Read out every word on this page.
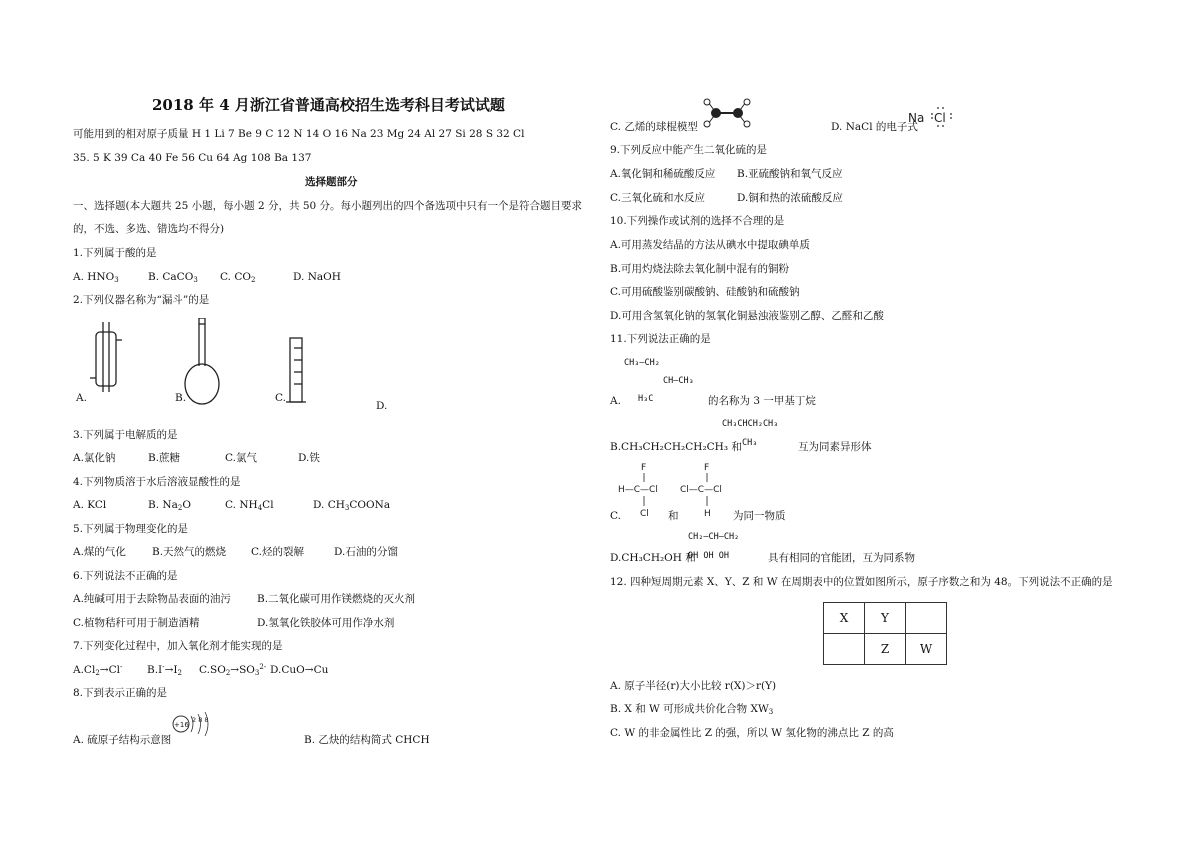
2018 年 4 月浙江省普通高校招生选考科目考试试题
可能用到的相对原子质量 H 1 Li 7 Be 9 C 12 N 14 O 16 Na 23 Mg 24 Al 27 Si 28 S 32 Cl
35. 5 K 39 Ca 40 Fe 56 Cu 64 Ag 108 Ba 137
选择题部分
一、选择题(本大题共 25 小题，每小题 2 分，共 50 分。每小题列出的四个备选项中只有一个是符合题目要求
的，不选、多选、错选均不得分)
1.下列属于酸的是
A. $HNO_3$	B. CaCO$_3$ C. $CO_2$	D. NaOH
2.下列仪器名称为“漏斗”的是
A.	B.	C.
D.
3.下列属于电解质的是
A.氯化钠	B.蔗糖	C.氯气	D.铁
4.下列物质溶于水后溶液显酸性的是
A. KCl	B. $Na_2O$	C. $NH_4Cl$	D. $CH_3COONa$
5.下列属于物理变化的是
A.煤的气化 B.天然气的燃烧 C.烃的裂解	D.石油的分馏
6.下列说法不正确的是
A.纯碱可用于去除物品表面的油污 B.二氧化碳可用作镁燃烧的灭火剂
C.植物秸秆可用于制造酒精	D.氢氧化铁胶体可用作净水剂
7.下列变化过程中，加入氧化剂才能实现的是
$A.Cl_2\to Cl^-$ $B.I^-\to I_2$ $C.SO_2\to SO_3^{2-}$ D.CuO→Cu
8.下到表示正确的是
A. 硫原子结构示意图
+16
2 8 8
B. 乙炔的结构简式 CHCH
C. 乙烯的球棍模型	D. NaCl 的电子式
Na Cl
9.下列反应中能产生二氧化硫的是
A.氧化铜和稀硫酸反应 B.亚硫酸钠和氧气反应
C.三氧化硫和水反应	D.铜和热的浓硫酸反应
10.下列操作或试剂的选择不合理的是
A.可用蒸发结晶的方法从碘水中提取碘单质
B.可用灼烧法除去氧化制中混有的铜粉
C.可用硫酸鉴别碳酸钠、硅酸钠和硫酸钠
D.可用含氢氧化钠的氢氧化铜悬浊液鉴别乙醇、乙醛和乙酸
11.下列说法正确的是
CH₃—CH₂
CH—CH₃
H₃C
A.	的名称为 3 一甲基丁烷
CH₃CHCH₂CH₃
CH₃
B.CH₃CH₂CH₂CH₂CH₃ 和	互为同素异形体
F
H—C—Cl
Cl
F
Cl—C—Cl
H
C.	和	为同一物质
CH₂—CH—CH₂
OH OH OH
D.CH₃CH₂OH 和	具有相同的官能团，互为同系物
12. 四种短周期元素 X、Y、Z 和 W 在周期表中的位置如图所示，原子序数之和为 48。下列说法不正确的是
X	Y	
	Z	W
A. 原子半径(r)大小比较 r(X)＞r(Y)
B. X 和 W 可形成共价化合物 $XW_3$
C. W 的非金属性比 Z 的强，所以 W 氢化物的沸点比 Z 的高
